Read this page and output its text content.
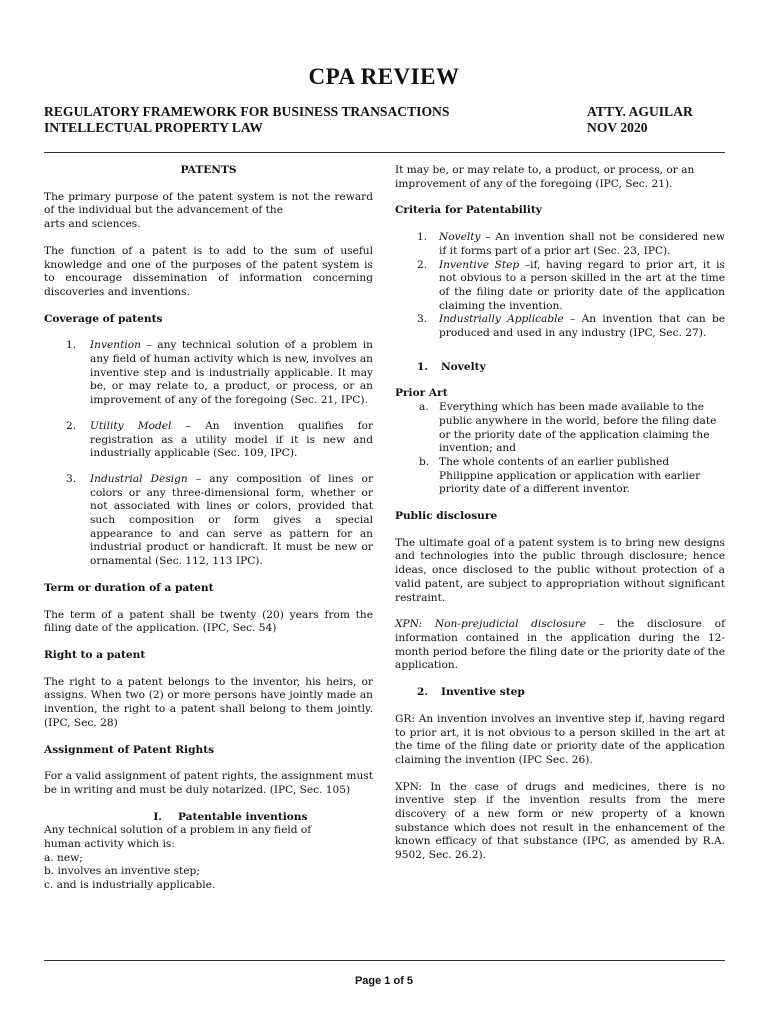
CPA REVIEW
REGULATORY FRAMEWORK FOR BUSINESS TRANSACTIONS	ATTY. AGUILAR
INTELLECTUAL PROPERTY LAW	NOV 2020
PATENTS

The primary purpose of the patent system is not the reward of the individual but the advancement of the
arts and sciences.

The function of a patent is to add to the sum of useful knowledge and one of the purposes of the patent system is to encourage dissemination of information concerning discoveries and inventions.

Coverage of patents
1.	Invention – any technical solution of a problem in any field of human activity which is new, involves an inventive step and is industrially applicable. It may be, or may relate to, a product, or process, or an improvement of any of the foregoing (Sec. 21, IPC).
2.	Utility Model – An invention qualifies for registration as a utility model if it is new and industrially applicable (Sec. 109, IPC).
3.	Industrial Design – any composition of lines or colors or any three-dimensional form, whether or not associated with lines or colors, provided that such composition or form gives a special appearance to and can serve as pattern for an industrial product or handicraft. It must be new or ornamental (Sec. 112, 113 IPC).
Term or duration of a patent

The term of a patent shall be twenty (20) years from the filing date of the application. (IPC, Sec. 54)

Right to a patent

The right to a patent belongs to the inventor, his heirs, or assigns. When two (2) or more persons have jointly made an invention, the right to a patent shall belong to them jointly. (IPC, Sec. 28)

Assignment of Patent Rights

For a valid assignment of patent rights, the assignment must be in writing and must be duly notarized. (IPC, Sec. 105)

I.	Patentable inventions
Any technical solution of a problem in any field of
human activity which is:
a. new;
b. involves an inventive step;
c. and is industrially applicable.

It may be, or may relate to, a product, or process, or an improvement of any of the foregoing (IPC, Sec. 21).

Criteria for Patentability
1.	Novelty – An invention shall not be considered new if it forms part of a prior art (Sec. 23, IPC).
2.	Inventive Step –if, having regard to prior art, it is not obvious to a person skilled in the art at the time of the filing date or priority date of the application claiming the invention.
3.	Industrially Applicable – An invention that can be produced and used in any industry (IPC, Sec. 27).
1.	Novelty
Prior Art
a. Everything which has been made available to the public anywhere in the world, before the filing date or the priority date of the application claiming the invention; and
b. The whole contents of an earlier published Philippine application or application with earlier priority date of a different inventor.
Public disclosure

The ultimate goal of a patent system is to bring new designs and technologies into the public through disclosure; hence ideas, once disclosed to the public without protection of a valid patent, are subject to appropriation without significant restraint.

XPN: Non-prejudicial disclosure – the disclosure of information contained in the application during the 12-month period before the filing date or the priority date of the application.

2.	Inventive step

GR: An invention involves an inventive step if, having regard to prior art, it is not obvious to a person skilled in the art at the time of the filing date or priority date of the application claiming the invention (IPC Sec. 26).

XPN: In the case of drugs and medicines, there is no inventive step if the invention results from the mere discovery of a new form or new property of a known substance which does not result in the enhancement of the known efficacy of that substance (IPC, as amended by R.A. 9502, Sec. 26.2).

Page 1 of 5
